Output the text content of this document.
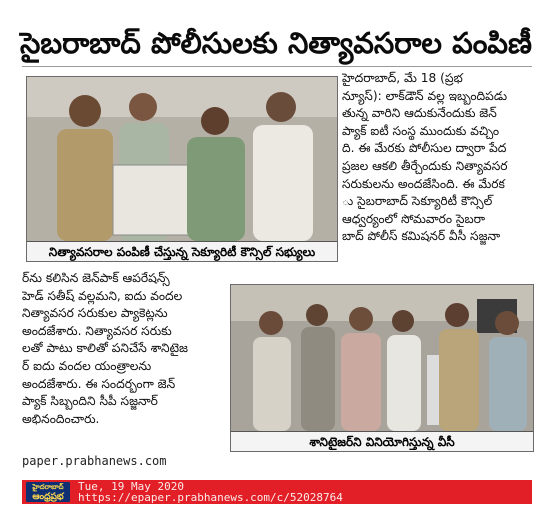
సైబరాబాద్ పోలీసులకు నిత్యావసరాల పంపిణీ
నిత్యావసరాల పంపిణీ చేస్తున్న సెక్యూరిటీ కౌన్సిల్ సభ్యులు

హైదరాబాద్, మే 18 (ప్రభ

న్యూస్): లాక్‌డౌన్ వల్ల ఇబ్బందిపడు

తున్న వారిని ఆదుకునేందుకు జెన్

ప్యాక్ ఐటీ సంస్థ ముందుకు వచ్చిం

ది. ఈ మేరకు పోలీసుల ద్వారా పేద

ప్రజల ఆకలి తీర్చేందుకు నిత్యావసర

సరుకులను అందజేసింది. ఈ మేరక

ు సైబరాబాద్ సెక్యూరిటీ కౌన్సిల్

ఆధ్వర్యంలో సోమవారం సైబరా

బాద్ పోలీస్ కమిషనర్ వీసీ సజ్జనా

ర్‌ను కలిసిన జెన్‌పాక్ ఆపరేషన్స్

హెడ్ సతీష్ వల్లమని, ఐదు వందల

నిత్యావసర సరుకుల ప్యాకెట్లను

అందజేశారు. నిత్యావసర సరుకు

లతో పాటు కాలితో పనిచేసే శానిటైజ

ర్ ఐదు వందల యంత్రాలను

అందజేశారు. ఈ సందర్భంగా జెన్

ప్యాక్ సిబ్బందిని సీపీ సజ్జనార్

అభినందించారు.

శానిటైజర్‌ని వినియోగిస్తున్న వీసీ
paper.prabhanews.com
హైదరాబాద్
ఆంధ్రప్రభ
Tue, 19 May 2020
https://epaper.prabhanews.com/c/52028764
